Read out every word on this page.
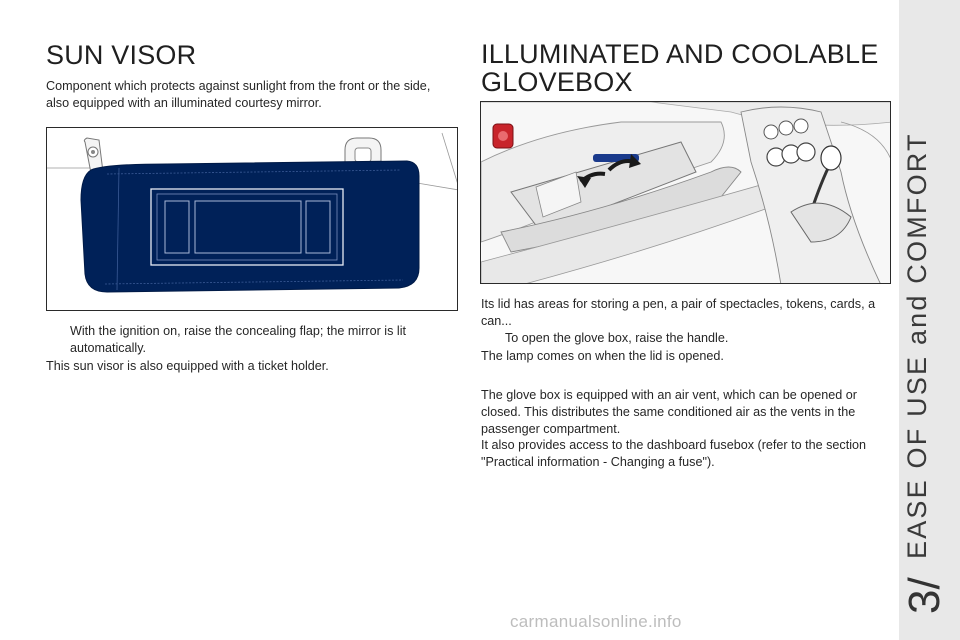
SUN VISOR

Component which protects against sunlight from the front or the side, also equipped with an illuminated courtesy mirror.

With the ignition on, raise the concealing flap; the mirror is lit automatically.

This sun visor is also equipped with a ticket holder.

ILLUMINATED AND COOLABLE GLOVEBOX

Its lid has areas for storing a pen, a pair of spectacles, tokens, cards, a can...

To open the glove box, raise the handle.

The lamp comes on when the lid is opened.

The glove box is equipped with an air vent, which can be opened or closed. This distributes the same conditioned air as the vents in the passenger compartment.

It also provides access to the dashboard fusebox (refer to the section "Practical information - Changing a fuse").	EASE OF USE and COMFORT
3/
carmanualsonline.info
